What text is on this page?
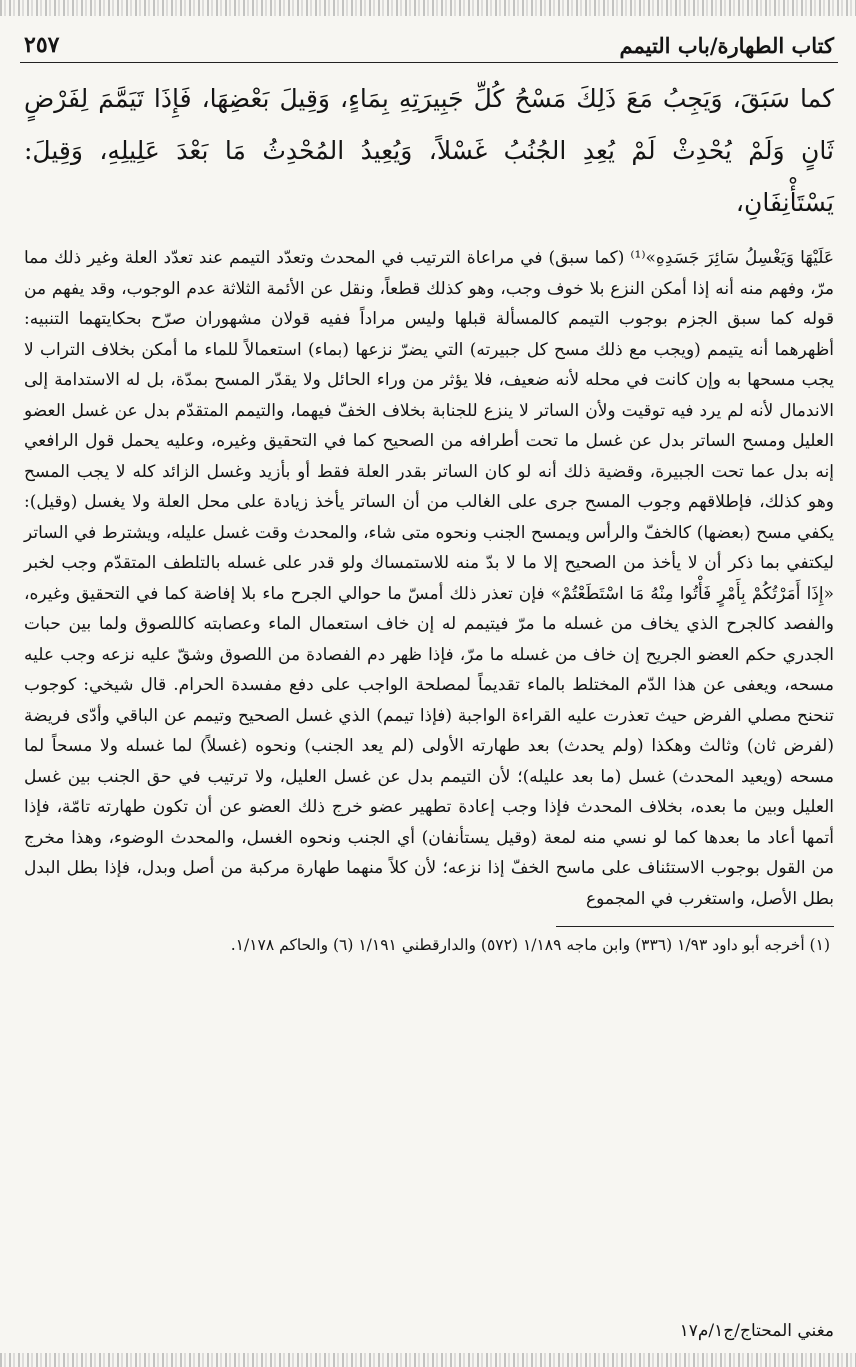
كتاب الطهارة/باب التيمم
٢٥٧
كما سَبَقَ، وَيَجِبُ مَعَ ذَلِكَ مَسْحُ كُلِّ جَبِيرَتِهِ بِمَاءٍ، وَقِيلَ بَعْضِهَا، فَإِذَا تَيَمَّمَ لِفَرْضٍ ثَانٍ وَلَمْ يُحْدِثْ لَمْ يُعِدِ الجُنُبُ غَسْلاً، وَيُعِيدُ المُحْدِثُ مَا بَعْدَ عَلِيلِهِ، وَقِيلَ: يَسْتَأْنِفَانِ،

عَلَيْهَا وَيَغْسِلُ سَائِرَ جَسَدِهِ»⁽¹⁾ (كما سبق) في مراعاة الترتيب في المحدث وتعدّد التيمم عند تعدّد العلة وغير ذلك مما مرّ، وفهم منه أنه إذا أمكن النزع بلا خوف وجب، وهو كذلك قطعاً، ونقل عن الأئمة الثلاثة عدم الوجوب، وقد يفهم من قوله كما سبق الجزم بوجوب التيمم كالمسألة قبلها وليس مراداً ففيه قولان مشهوران صرّح بحكايتهما التنبيه: أظهرهما أنه يتيمم (ويجب مع ذلك مسح كل جبيرته) التي يضرّ نزعها (بماء) استعمالاً للماء ما أمكن بخلاف التراب لا يجب مسحها به وإن كانت في محله لأنه ضعيف، فلا يؤثر من وراء الحائل ولا يقدّر المسح بمدّة، بل له الاستدامة إلى الاندمال لأنه لم يرد فيه توقيت ولأن الساتر لا ينزع للجنابة بخلاف الخفّ فيهما، والتيمم المتقدّم بدل عن غسل العضو العليل ومسح الساتر بدل عن غسل ما تحت أطرافه من الصحيح كما في التحقيق وغيره، وعليه يحمل قول الرافعي إنه بدل عما تحت الجبيرة، وقضية ذلك أنه لو كان الساتر بقدر العلة فقط أو بأزيد وغسل الزائد كله لا يجب المسح وهو كذلك، فإطلاقهم وجوب المسح جرى على الغالب من أن الساتر يأخذ زيادة على محل العلة ولا يغسل (وقيل): يكفي مسح (بعضها) كالخفّ والرأس ويمسح الجنب ونحوه متى شاء، والمحدث وقت غسل عليله، ويشترط في الساتر ليكتفي بما ذكر أن لا يأخذ من الصحيح إلا ما لا بدّ منه للاستمساك ولو قدر على غسله بالتلطف المتقدّم وجب لخبر «إِذَا أَمَرْتُكُمْ بِأَمْرٍ فَأْتُوا مِنْهُ مَا اسْتَطَعْتُمْ» فإن تعذر ذلك أمسّ ما حوالي الجرح ماء بلا إفاضة كما في التحقيق وغيره، والفصد كالجرح الذي يخاف من غسله ما مرّ فيتيمم له إن خاف استعمال الماء وعصابته كاللصوق ولما بين حبات الجدري حكم العضو الجريح إن خاف من غسله ما مرّ، فإذا ظهر دم الفصادة من اللصوق وشقّ عليه نزعه وجب عليه مسحه، ويعفى عن هذا الدّم المختلط بالماء تقديماً لمصلحة الواجب على دفع مفسدة الحرام. قال شيخي: كوجوب تنحنح مصلي الفرض حيث تعذرت عليه القراءة الواجبة (فإذا تيمم) الذي غسل الصحيح وتيمم عن الباقي وأدّى فريضة (لفرض ثان) وثالث وهكذا (ولم يحدث) بعد طهارته الأولى (لم يعد الجنب) ونحوه (غسلاً) لما غسله ولا مسحاً لما مسحه (ويعيد المحدث) غسل (ما بعد عليله)؛ لأن التيمم بدل عن غسل العليل، ولا ترتيب في حق الجنب بين غسل العليل وبين ما بعده، بخلاف المحدث فإذا وجب إعادة تطهير عضو خرج ذلك العضو عن أن تكون طهارته تامّة، فإذا أتمها أعاد ما بعدها كما لو نسي منه لمعة (وقيل يستأنفان) أي الجنب ونحوه الغسل، والمحدث الوضوء، وهذا مخرج من القول بوجوب الاستئناف على ماسح الخفّ إذا نزعه؛ لأن كلاً منهما طهارة مركبة من أصل وبدل، فإذا بطل البدل بطل الأصل، واستغرب في المجموع

(١) أخرجه أبو داود ١/٩٣ (٣٣٦) وابن ماجه ١/١٨٩ (٥٧٢) والدارقطني ١/١٩١ (٦) والحاكم ١/١٧٨.
مغني المحتاج/ج١/م١٧
